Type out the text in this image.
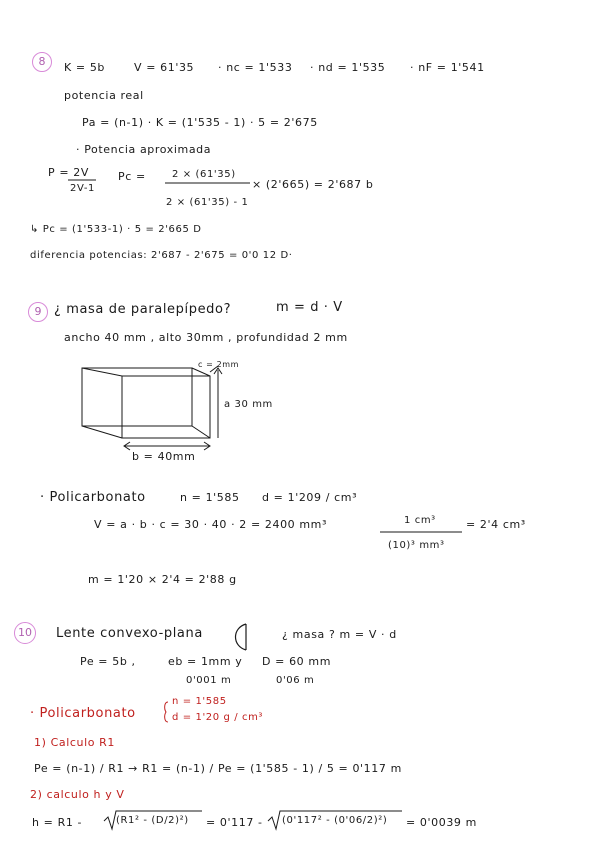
8	K = 5b	V = 61'35 · nc = 1'533 · nd = 1'535 · nF = 1'541
potencia real
Pa = (n-1) · K = (1'535 - 1) · 5 = 2'675
· Potencia aproximada
P = 2V
2V-1
Pc =	2 × (61'35)
2 × (61'35) - 1
× (2'665) = 2'687 b
↳ Pc = (1'533-1) · 5 = 2'665 D
diferencia potencias: 2'687 - 2'675 = 0'0 12 D·
9 ¿ masa de paralepípedo?	m = d · V
ancho 40 mm , alto 30mm , profundidad 2 mm
c = 2mm
a 30 mm
b = 40mm
· Policarbonato	n = 1'585 d = 1'209 / cm³
V = a · b · c = 30 · 40 · 2 = 2400 mm³	1 cm³
(10)³ mm³
= 2'4 cm³
m = 1'20 × 2'4 = 2'88 g
10	Lente convexo-plana	¿ masa ? m = V · d
Pe = 5b ,	eb = 1mm y D = 60 mm
0'001 m	0'06 m
· Policarbonato
n = 1'585
d = 1'20 g / cm³
1) Calculo R1
Pe = (n-1) / R1 → R1 = (n-1) / Pe = (1'585 - 1) / 5 = 0'117 m
2) calculo h y V
h = R1 -	(R1² - (D/2)²) = 0'117 - (0'117² - (0'06/2)²) = 0'0039 m
